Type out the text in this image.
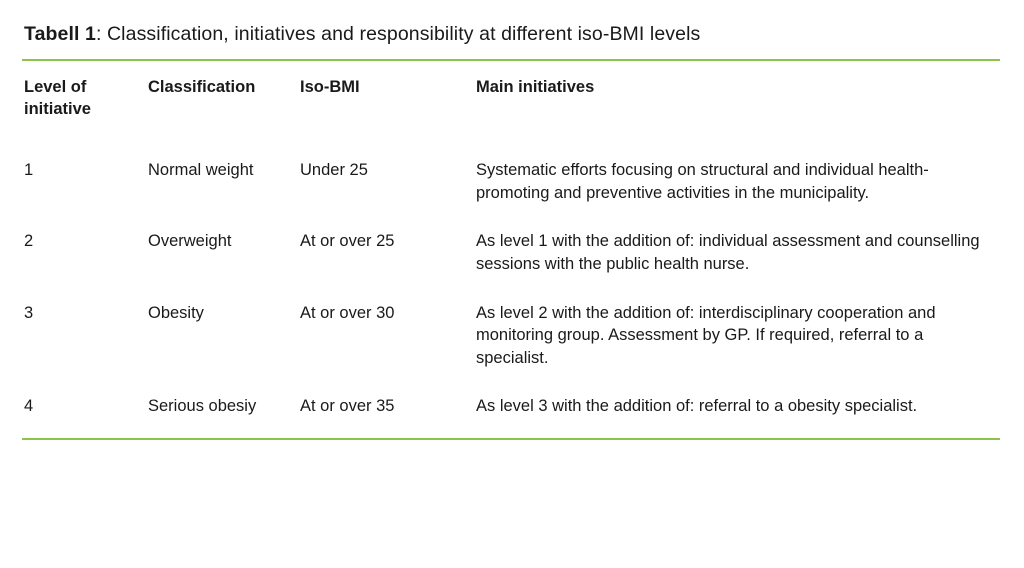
Tabell 1: Classification, initiatives and responsibility at different iso-BMI levels
Level of initiative	Classification	Iso-BMI	Main initiatives
1	Normal weight	Under 25	Systematic efforts focusing on structural and individual health-promoting and preventive activities in the municipality.
2	Overweight	At or over 25	As level 1 with the addition of: individual assessment and counselling sessions with the public health nurse.
3	Obesity	At or over 30	As level 2 with the addition of: interdisciplinary cooperation and monitoring group. Assessment by GP. If required, referral to a specialist.
4	Serious obesiy	At or over 35	As level 3 with the addition of: referral to a obesity specialist.
